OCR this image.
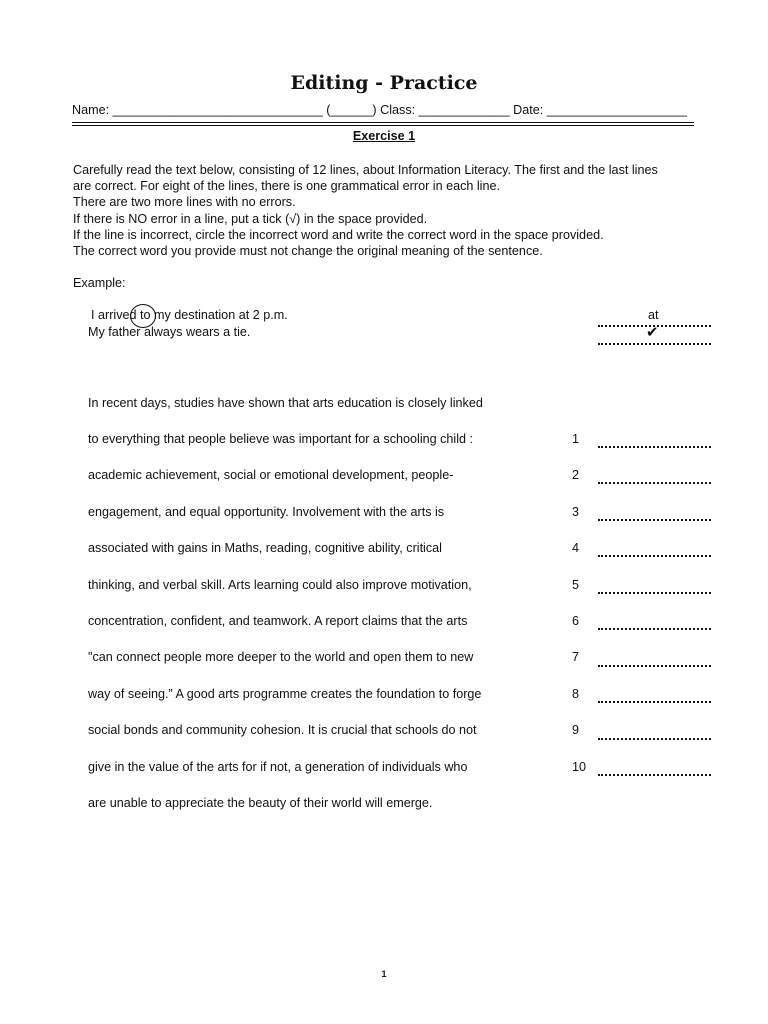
Editing - Practice
Name: ______________________________ (______) Class: _____________ Date: ____________________
Exercise 1
Carefully read the text below, consisting of 12 lines, about Information Literacy. The first and the last lines
are correct. For eight of the lines, there is one grammatical error in each line.
There are two more lines with no errors.
If there is NO error in a line, put a tick (√) in the space provided.
If the line is incorrect, circle the incorrect word and write the correct word in the space provided.
The correct word you provide must not change the original meaning of the sentence.
Example:
I arrived to my destination at 2 p.m.	at
My father always wears a tie.	✔
In recent days, studies have shown that arts education is closely linked
to everything that people believe was important for a schooling child :	1
academic achievement, social or emotional development, people-	2
engagement, and equal opportunity. Involvement with the arts is	3
associated with gains in Maths, reading, cognitive ability, critical	4
thinking, and verbal skill. Arts learning could also improve motivation,	5
concentration, confident, and teamwork. A report claims that the arts	6
"can connect people more deeper to the world and open them to new	7
way of seeing.” A good arts programme creates the foundation to forge	8
social bonds and community cohesion. It is crucial that schools do not	9
give in the value of the arts for if not, a generation of individuals who	10
are unable to appreciate the beauty of their world will emerge.
1
